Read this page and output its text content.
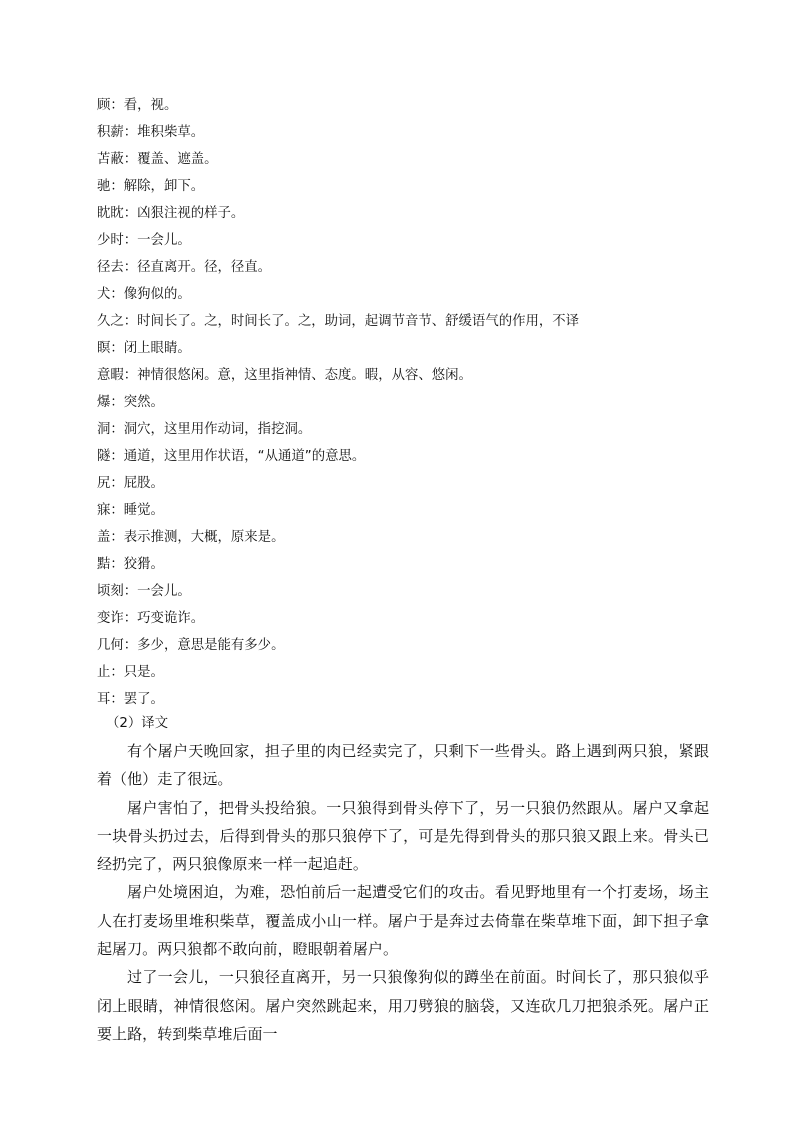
顾：看，视。
积薪：堆积柴草。
苫蔽：覆盖、遮盖。
驰：解除，卸下。
眈眈：凶狠注视的样子。
少时：一会儿。
径去：径直离开。径，径直。
犬：像狗似的。
久之：时间长了。之，时间长了。之，助词，起调节音节、舒缓语气的作用，不译
瞑：闭上眼睛。
意暇：神情很悠闲。意，这里指神情、态度。暇，从容、悠闲。
爆：突然。
洞：洞穴，这里用作动词，指挖洞。
隧：通道，这里用作状语，“从通道”的意思。
尻：屁股。
寐：睡觉。
盖：表示推测，大概，原来是。
黠：狡猾。
顷刻：一会儿。
变诈：巧变诡诈。
几何：多少，意思是能有多少。
止：只是。
耳：罢了。
（2）译文

有个屠户天晚回家，担子里的肉已经卖完了，只剩下一些骨头。路上遇到两只狼，紧跟着（他）走了很远。

屠户害怕了，把骨头投给狼。一只狼得到骨头停下了，另一只狼仍然跟从。屠户又拿起一块骨头扔过去，后得到骨头的那只狼停下了，可是先得到骨头的那只狼又跟上来。骨头已经扔完了，两只狼像原来一样一起追赶。

屠户处境困迫，为难，恐怕前后一起遭受它们的攻击。看见野地里有一个打麦场，场主人在打麦场里堆积柴草，覆盖成小山一样。屠户于是奔过去倚靠在柴草堆下面，卸下担子拿起屠刀。两只狼都不敢向前，瞪眼朝着屠户。

过了一会儿，一只狼径直离开，另一只狼像狗似的蹲坐在前面。时间长了，那只狼似乎闭上眼睛，神情很悠闲。屠户突然跳起来，用刀劈狼的脑袋，又连砍几刀把狼杀死。屠户正要上路，转到柴草堆后面一
